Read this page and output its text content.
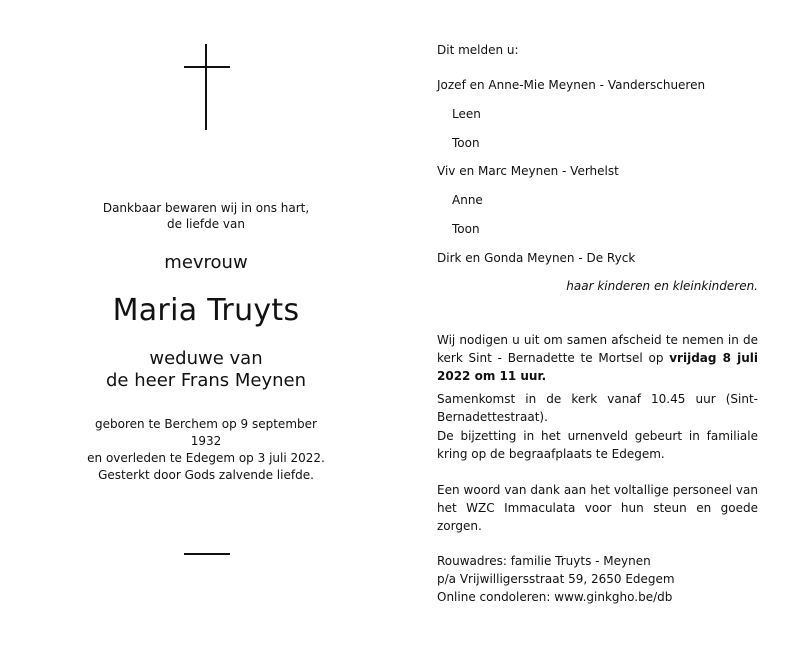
Dankbaar bewaren wij in ons hart,
de liefde van
mevrouw
Maria Truyts
weduwe van
de heer Frans Meynen
geboren te Berchem op 9 september 1932
en overleden te Edegem op 3 juli 2022.
Gesterkt door Gods zalvende liefde.
Dit melden u:
Jozef en Anne-Mie Meynen - Vanderschueren
Leen
Toon
Viv en Marc Meynen - Verhelst
Anne
Toon
Dirk en Gonda Meynen - De Ryck
haar kinderen en kleinkinderen.
Wij nodigen u uit om samen afscheid te nemen in de kerk Sint - Bernadette te Mortsel op vrijdag 8 juli 2022 om 11 uur.
Samenkomst in de kerk vanaf 10.45 uur (Sint- Bernadettestraat).
De bijzetting in het urnenveld gebeurt in familiale kring op de begraafplaats te Edegem.
Een woord van dank aan het voltallige personeel van het WZC Immaculata voor hun steun en goede zorgen.
Rouwadres: familie Truyts - Meynen
p/a Vrijwilligersstraat 59, 2650 Edegem
Online condoleren: www.ginkgho.be/db
